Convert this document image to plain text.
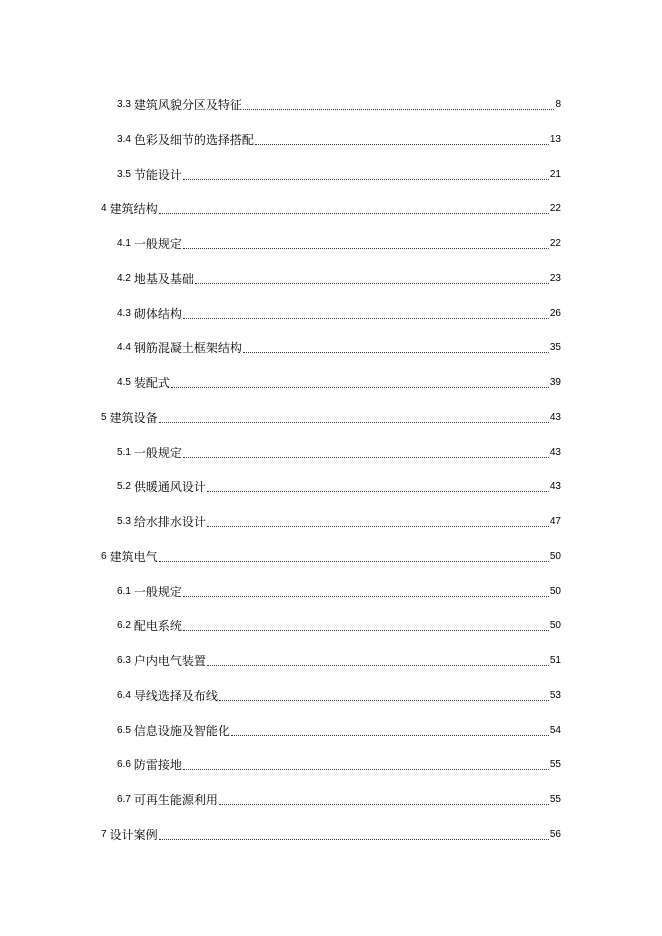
3.3 建筑风貌分区及特征	8
3.4 色彩及细节的选择搭配	13
3.5 节能设计	21
4 建筑结构	22
4.1 一般规定	22
4.2 地基及基础	23
4.3 砌体结构	26
4.4 钢筋混凝土框架结构	35
4.5 装配式	39
5 建筑设备	43
5.1 一般规定	43
5.2 供暖通风设计	43
5.3 给水排水设计	47
6 建筑电气	50
6.1 一般规定	50
6.2 配电系统	50
6.3 户内电气装置	51
6.4 导线选择及布线	53
6.5 信息设施及智能化	54
6.6 防雷接地	55
6.7 可再生能源利用	55
7 设计案例	56
